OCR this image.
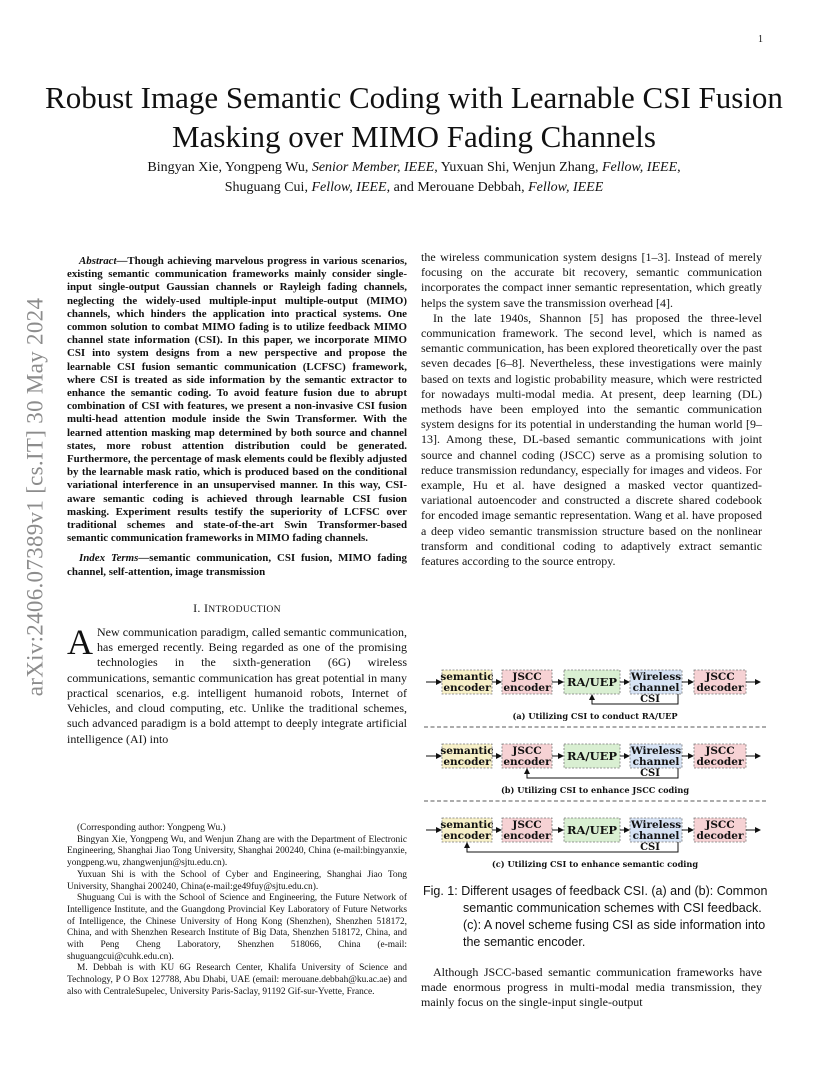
1
arXiv:2406.07389v1 [cs.IT] 30 May 2024
Robust Image Semantic Coding with Learnable CSI Fusion Masking over MIMO Fading Channels
Bingyan Xie, Yongpeng Wu, Senior Member, IEEE, Yuxuan Shi, Wenjun Zhang, Fellow, IEEE,
Shuguang Cui, Fellow, IEEE, and Merouane Debbah, Fellow, IEEE

Abstract—Though achieving marvelous progress in various scenarios, existing semantic communication frameworks mainly consider single-input single-output Gaussian channels or Rayleigh fading channels, neglecting the widely-used multiple-input multiple-output (MIMO) channels, which hinders the application into practical systems. One common solution to combat MIMO fading is to utilize feedback MIMO channel state information (CSI). In this paper, we incorporate MIMO CSI into system designs from a new perspective and propose the learnable CSI fusion semantic communication (LCFSC) framework, where CSI is treated as side information by the semantic extractor to enhance the semantic coding. To avoid feature fusion due to abrupt combination of CSI with features, we present a non-invasive CSI fusion multi-head attention module inside the Swin Transformer. With the learned attention masking map determined by both source and channel states, more robust attention distribution could be generated. Furthermore, the percentage of mask elements could be flexibly adjusted by the learnable mask ratio, which is produced based on the conditional variational interference in an unsupervised manner. In this way, CSI-aware semantic coding is achieved through learnable CSI fusion masking. Experiment results testify the superiority of LCFSC over traditional schemes and state-of-the-art Swin Transformer-based semantic communication frameworks in MIMO fading channels.

Index Terms—semantic communication, CSI fusion, MIMO fading channel, self-attention, image transmission

I. INTRODUCTION

A New communication paradigm, called semantic communication, has emerged recently. Being regarded as one of the promising technologies in the sixth-generation (6G) wireless communications, semantic communication has great potential in many practical scenarios, e.g. intelligent humanoid robots, Internet of Vehicles, and cloud computing, etc. Unlike the traditional schemes, such advanced paradigm is a bold attempt to deeply integrate artificial intelligence (AI) into

(Corresponding author: Yongpeng Wu.)

Bingyan Xie, Yongpeng Wu, and Wenjun Zhang are with the Department of Electronic Engineering, Shanghai Jiao Tong University, Shanghai 200240, China (e-mail:bingyanxie, yongpeng.wu, zhangwenjun@sjtu.edu.cn).

Yuxuan Shi is with the School of Cyber and Engineering, Shanghai Jiao Tong University, Shanghai 200240, China(e-mail:ge49fuy@sjtu.edu.cn).

Shuguang Cui is with the School of Science and Engineering, the Future Network of Intelligence Institute, and the Guangdong Provincial Key Laboratory of Future Networks of Intelligence, the Chinese University of Hong Kong (Shenzhen), Shenzhen 518172, China, and with Shenzhen Research Institute of Big Data, Shenzhen 518172, China, and with Peng Cheng Laboratory, Shenzhen 518066, China (e-mail: shuguangcui@cuhk.edu.cn).

M. Debbah is with KU 6G Research Center, Khalifa University of Science and Technology, P O Box 127788, Abu Dhabi, UAE (email: merouane.debbah@ku.ac.ae) and also with CentraleSupelec, University Paris-Saclay, 91192 Gif-sur-Yvette, France.

the wireless communication system designs [1–3]. Instead of merely focusing on the accurate bit recovery, semantic communication incorporates the compact inner semantic representation, which greatly helps the system save the transmission overhead [4].

In the late 1940s, Shannon [5] has proposed the three-level communication framework. The second level, which is named as semantic communication, has been explored theoretically over the past seven decades [6–8]. Nevertheless, these investigations were mainly based on texts and logistic probability measure, which were restricted for nowadays multi-modal media. At present, deep learning (DL) methods have been employed into the semantic communication system designs for its potential in understanding the human world [9–13]. Among these, DL-based semantic communications with joint source and channel coding (JSCC) serve as a promising solution to reduce transmission redundancy, especially for images and videos. For example, Hu et al. have designed a masked vector quantized-variational autoencoder and constructed a discrete shared codebook for encoded image semantic representation. Wang et al. have proposed a deep video semantic transmission structure based on the nonlinear transform and conditional coding to adaptively extract semantic features according to the source entropy.

semantic
encoder
JSCC
encoder RA/UEP Wireless
channel
JSCC
decoder
CSI
(a) Utilizing CSI to conduct RA/UEP
semantic
encoder
JSCC
encoder RA/UEP Wireless
channel
JSCC
decoder
CSI
(b) Utilizing CSI to enhance JSCC coding
semantic
encoder
JSCC
encoder RA/UEP Wireless
channel
JSCC
decoder
CSI
(c) Utilizing CSI to enhance semantic coding
Fig. 1: Different usages of feedback CSI. (a) and (b): Common semantic communication schemes with CSI feedback. (c): A novel scheme fusing CSI as side information into the semantic encoder.

Although JSCC-based semantic communication frameworks have made enormous progress in multi-modal media transmission, they mainly focus on the single-input single-output
